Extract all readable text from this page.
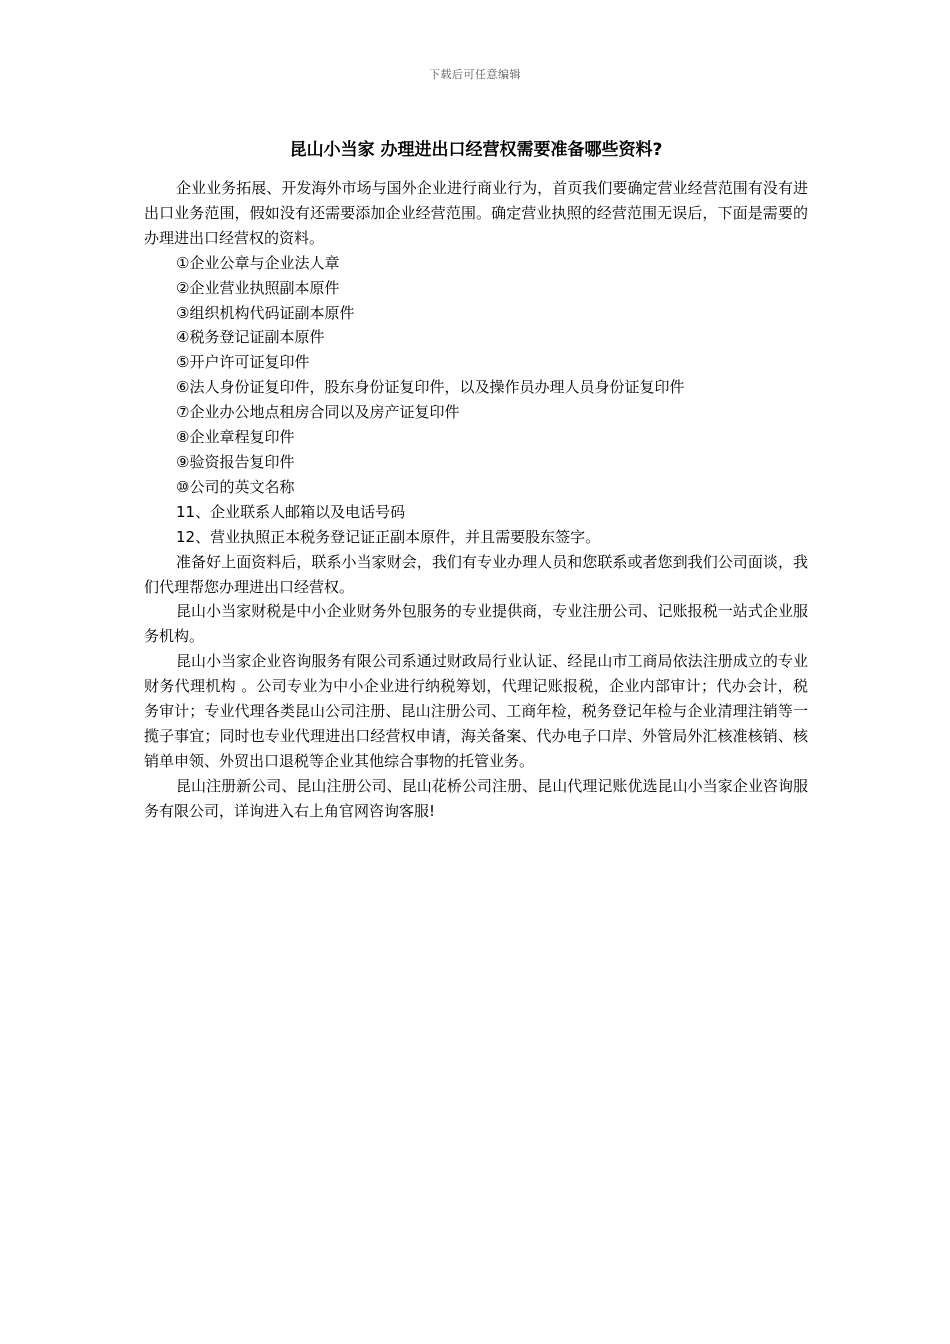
下载后可任意编辑
昆山小当家 办理进出口经营权需要准备哪些资料?

企业业务拓展、开发海外市场与国外企业进行商业行为，首页我们要确定营业经营范围有没有进出口业务范围，假如没有还需要添加企业经营范围。确定营业执照的经营范围无误后，下面是需要的办理进出口经营权的资料。

①企业公章与企业法人章
②企业营业执照副本原件
③组织机构代码证副本原件
④税务登记证副本原件
⑤开户许可证复印件
⑥法人身份证复印件，股东身份证复印件，以及操作员办理人员身份证复印件
⑦企业办公地点租房合同以及房产证复印件
⑧企业章程复印件
⑨验资报告复印件
⑩公司的英文名称
11、企业联系人邮箱以及电话号码
12、营业执照正本税务登记证正副本原件，并且需要股东签字。

准备好上面资料后，联系小当家财会，我们有专业办理人员和您联系或者您到我们公司面谈，我们代理帮您办理进出口经营权。

昆山小当家财税是中小企业财务外包服务的专业提供商，专业注册公司、记账报税一站式企业服务机构。

昆山小当家企业咨询服务有限公司系通过财政局行业认证、经昆山市工商局依法注册成立的专业财务代理机构 。公司专业为中小企业进行纳税筹划，代理记账报税，企业内部审计；代办会计，税务审计；专业代理各类昆山公司注册、昆山注册公司、工商年检，税务登记年检与企业清理注销等一揽子事宜；同时也专业代理进出口经营权申请，海关备案、代办电子口岸、外管局外汇核准核销、核销单申领、外贸出口退税等企业其他综合事物的托管业务。

昆山注册新公司、昆山注册公司、昆山花桥公司注册、昆山代理记账优选昆山小当家企业咨询服务有限公司，详询进入右上角官网咨询客服!
